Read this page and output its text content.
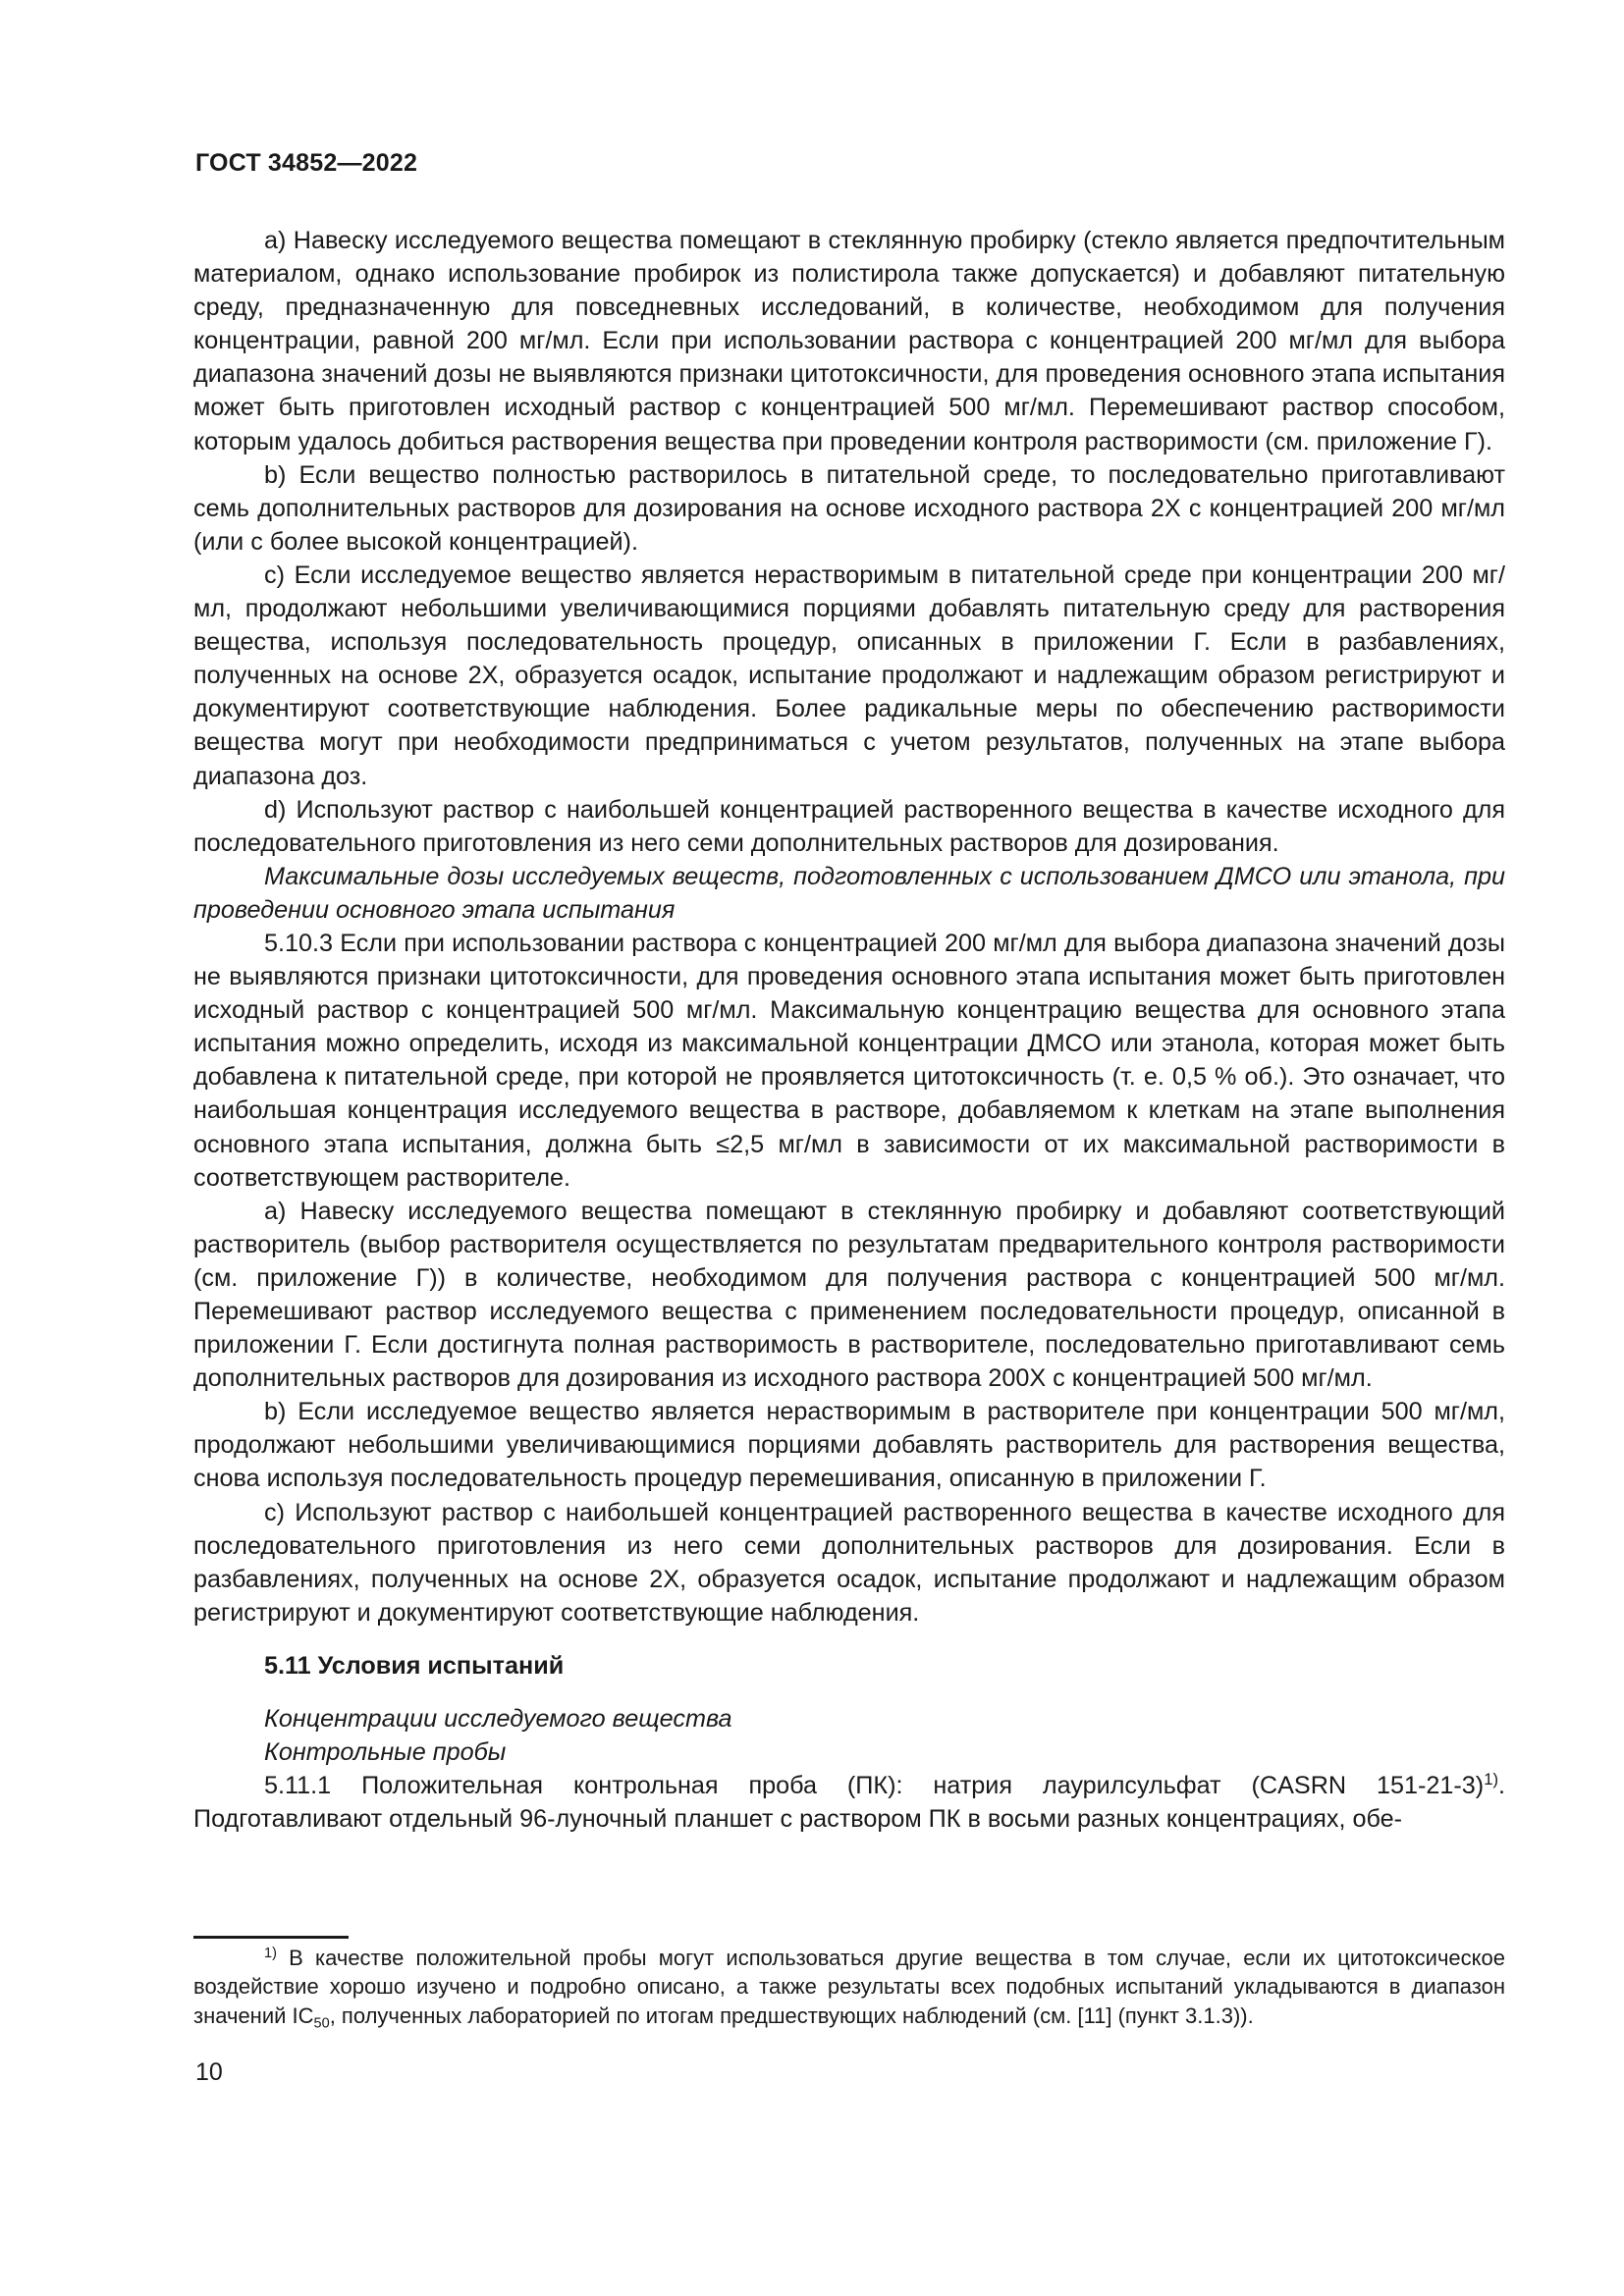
ГОСТ 34852—2022

a) Навеску исследуемого вещества помещают в стеклянную пробирку (стекло является предпочтительным материалом, однако использование пробирок из полистирола также допускается) и добавляют питательную среду, предназначенную для повседневных исследований, в количестве, необходимом для получения концентрации, равной 200 мг/мл. Если при использовании раствора с концентрацией 200 мг/мл для выбора диапазона значений дозы не выявляются признаки цитотоксичности, для проведения основного этапа испытания может быть приготовлен исходный раствор с концентрацией 500 мг/мл. Перемешивают раствор способом, которым удалось добиться растворения вещества при проведении контроля растворимости (см. приложение Г).

b) Если вещество полностью растворилось в питательной среде, то последовательно приготавливают семь дополнительных растворов для дозирования на основе исходного раствора 2Х с концентрацией 200 мг/мл (или с более высокой концентрацией).

c) Если исследуемое вещество является нерастворимым в питательной среде при концентрации 200 мг/мл, продолжают небольшими увеличивающимися порциями добавлять питательную среду для растворения вещества, используя последовательность процедур, описанных в приложении Г. Если в разбавлениях, полученных на основе 2Х, образуется осадок, испытание продолжают и надлежащим образом регистрируют и документируют соответствующие наблюдения. Более радикальные меры по обеспечению растворимости вещества могут при необходимости предприниматься с учетом результатов, полученных на этапе выбора диапазона доз.

d) Используют раствор с наибольшей концентрацией растворенного вещества в качестве исходного для последовательного приготовления из него семи дополнительных растворов для дозирования.

Максимальные дозы исследуемых веществ, подготовленных с использованием ДМСО или этанола, при проведении основного этапа испытания

5.10.3 Если при использовании раствора с концентрацией 200 мг/мл для выбора диапазона значений дозы не выявляются признаки цитотоксичности, для проведения основного этапа испытания может быть приготовлен исходный раствор с концентрацией 500 мг/мл. Максимальную концентрацию вещества для основного этапа испытания можно определить, исходя из максимальной концентрации ДМСО или этанола, которая может быть добавлена к питательной среде, при которой не проявляется цитотоксичность (т. е. 0,5 % об.). Это означает, что наибольшая концентрация исследуемого вещества в растворе, добавляемом к клеткам на этапе выполнения основного этапа испытания, должна быть ≤2,5 мг/мл в зависимости от их максимальной растворимости в соответствующем растворителе.

a) Навеску исследуемого вещества помещают в стеклянную пробирку и добавляют соответствующий растворитель (выбор растворителя осуществляется по результатам предварительного контроля растворимости (см. приложение Г)) в количестве, необходимом для получения раствора с концентрацией 500 мг/мл. Перемешивают раствор исследуемого вещества с применением последовательности процедур, описанной в приложении Г. Если достигнута полная растворимость в растворителе, последовательно приготавливают семь дополнительных растворов для дозирования из исходного раствора 200Х с концентрацией 500 мг/мл.

b) Если исследуемое вещество является нерастворимым в растворителе при концентрации 500 мг/мл, продолжают небольшими увеличивающимися порциями добавлять растворитель для растворения вещества, снова используя последовательность процедур перемешивания, описанную в приложении Г.

c) Используют раствор с наибольшей концентрацией растворенного вещества в качестве исходного для последовательного приготовления из него семи дополнительных растворов для дозирования. Если в разбавлениях, полученных на основе 2Х, образуется осадок, испытание продолжают и надлежащим образом регистрируют и документируют соответствующие наблюдения.

5.11 Условия испытаний

Концентрации исследуемого вещества

Контрольные пробы

5.11.1 Положительная контрольная проба (ПК): натрия лаурилсульфат (CASRN 151-21-3)$^{1)}$. Подготавливают отдельный 96-луночный планшет с раствором ПК в восьми разных концентрациях, обе-

$^{1)}$ В качестве положительной пробы могут использоваться другие вещества в том случае, если их цитотоксическое воздействие хорошо изучено и подробно описано, а также результаты всех подобных испытаний укладываются в диапазон значений $IC_{50}$, полученных лабораторией по итогам предшествующих наблюдений (см. [11] (пункт 3.1.3)).

10
